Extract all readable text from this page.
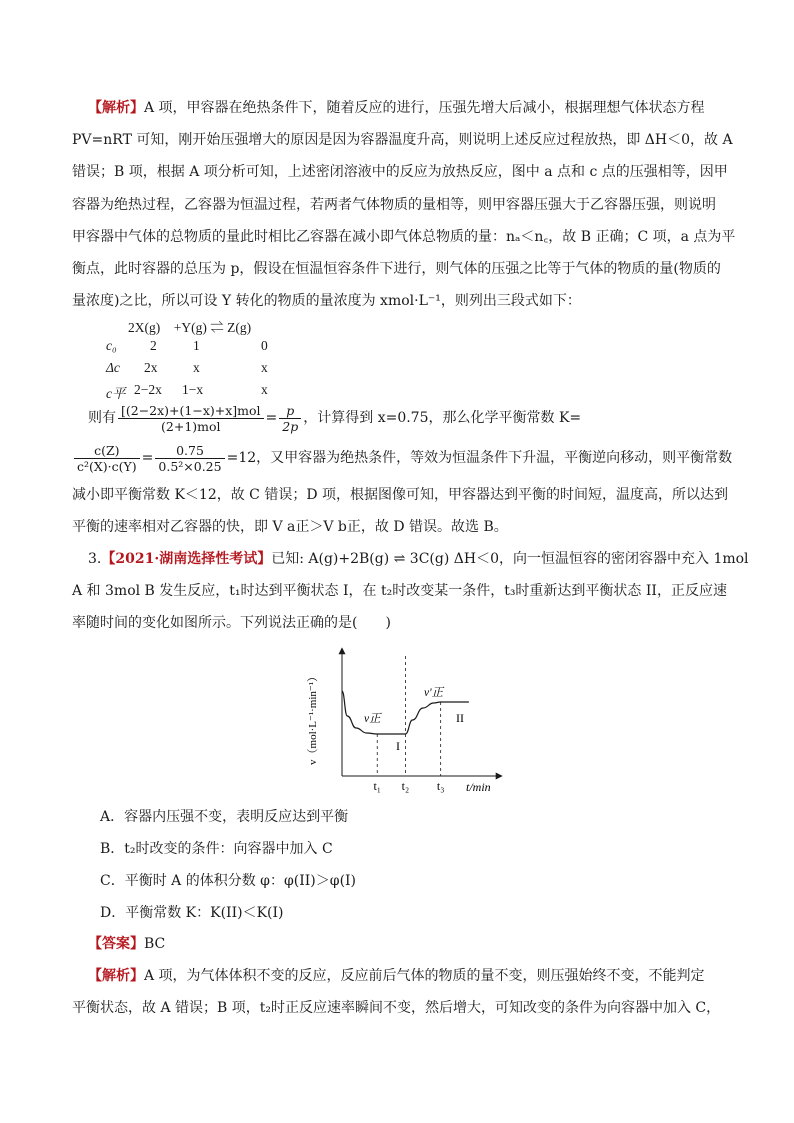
【解析】A 项，甲容器在绝热条件下，随着反应的进行，压强先增大后减小，根据理想气体状态方程
PV=nRT 可知，刚开始压强增大的原因是因为容器温度升高，则说明上述反应过程放热，即 ΔH＜0，故 A
错误；B 项，根据 A 项分析可知，上述密闭溶液中的反应为放热反应，图中 a 点和 c 点的压强相等，因甲
容器为绝热过程，乙容器为恒温过程，若两者气体物质的量相等，则甲容器压强大于乙容器压强，则说明
甲容器中气体的总物质的量此时相比乙容器在减小即气体总物质的量：nₐ＜n꜀，故 B 正确；C 项，a 点为平
衡点，此时容器的总压为 p，假设在恒温恒容条件下进行，则气体的压强之比等于气体的物质的量(物质的
量浓度)之比，所以可设 Y 转化的物质的量浓度为 xmol·L⁻¹，则列出三段式如下：
2X(g)　+Y(g) ⇌ Z(g)
c₀ 2	1	0
Δc 2x	x	x
c平 2−2x 1−x	x
则有 $\frac{\text{[(2−2x)+(1−x)+x]mol}}{\text{(2+1)mol}} = \frac{p}{2p}$ ，计算得到 x=0.75，那么化学平衡常数 K=
$\frac{c(Z)}{\text{c²(X)·c(Y)}} = \frac{0.75}{\text{0.5²×0.25}} =12$，又甲容器为绝热条件，等效为恒温条件下升温，平衡逆向移动，则平衡常数
减小即平衡常数 K＜12，故 C 错误；D 项，根据图像可知，甲容器达到平衡的时间短，温度高，所以达到
平衡的速率相对乙容器的快，即 V a正＞V b正，故 D 错误。故选 B。
3.【2021·湖南选择性考试】已知: A(g)+2B(g) ⇌ 3C(g) ΔH＜0，向一恒温恒容的密闭容器中充入 1mol
A 和 3mol B 发生反应，t₁时达到平衡状态 I，在 t₂时改变某一条件，t₃时重新达到平衡状态 II，正反应速
率随时间的变化如图所示。下列说法正确的是(　　)
v（mol·L⁻¹·min⁻¹）
t/min
t₁ t₂ t₃
v正
v'正
I
II
A．容器内压强不变，表明反应达到平衡
B．t₂时改变的条件：向容器中加入 C
C．平衡时 A 的体积分数 φ：φ(II)＞φ(I)
D．平衡常数 K：K(II)＜K(I)
【答案】BC
【解析】A 项，为气体体积不变的反应，反应前后气体的物质的量不变，则压强始终不变，不能判定
平衡状态，故 A 错误；B 项，t₂时正反应速率瞬间不变，然后增大，可知改变的条件为向容器中加入 C，
